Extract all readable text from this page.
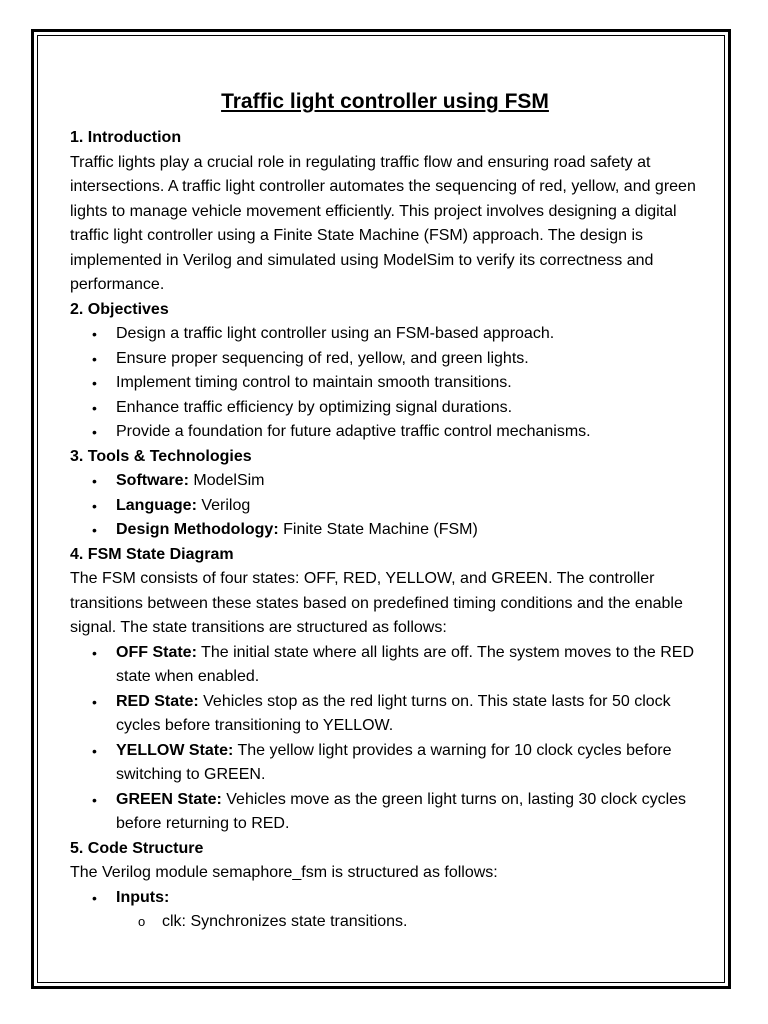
Traffic light controller using FSM
1. Introduction

Traffic lights play a crucial role in regulating traffic flow and ensuring road safety at intersections. A traffic light controller automates the sequencing of red, yellow, and green lights to manage vehicle movement efficiently. This project involves designing a digital traffic light controller using a Finite State Machine (FSM) approach. The design is implemented in Verilog and simulated using ModelSim to verify its correctness and performance.

2. Objectives
• Design a traffic light controller using an FSM-based approach.
• Ensure proper sequencing of red, yellow, and green lights.
• Implement timing control to maintain smooth transitions.
• Enhance traffic efficiency by optimizing signal durations.
• Provide a foundation for future adaptive traffic control mechanisms.
3. Tools & Technologies
• Software: ModelSim
• Language: Verilog
• Design Methodology: Finite State Machine (FSM)
4. FSM State Diagram

The FSM consists of four states: OFF, RED, YELLOW, and GREEN. The controller transitions between these states based on predefined timing conditions and the enable signal. The state transitions are structured as follows:

• OFF State: The initial state where all lights are off. The system moves to the RED state when enabled.
• RED State: Vehicles stop as the red light turns on. This state lasts for 50 clock cycles before transitioning to YELLOW.
• YELLOW State: The yellow light provides a warning for 10 clock cycles before switching to GREEN.
• GREEN State: Vehicles move as the green light turns on, lasting 30 clock cycles before returning to RED.
5. Code Structure

The Verilog module semaphore_fsm is structured as follows:

• Inputs:
o clk: Synchronizes state transitions.
